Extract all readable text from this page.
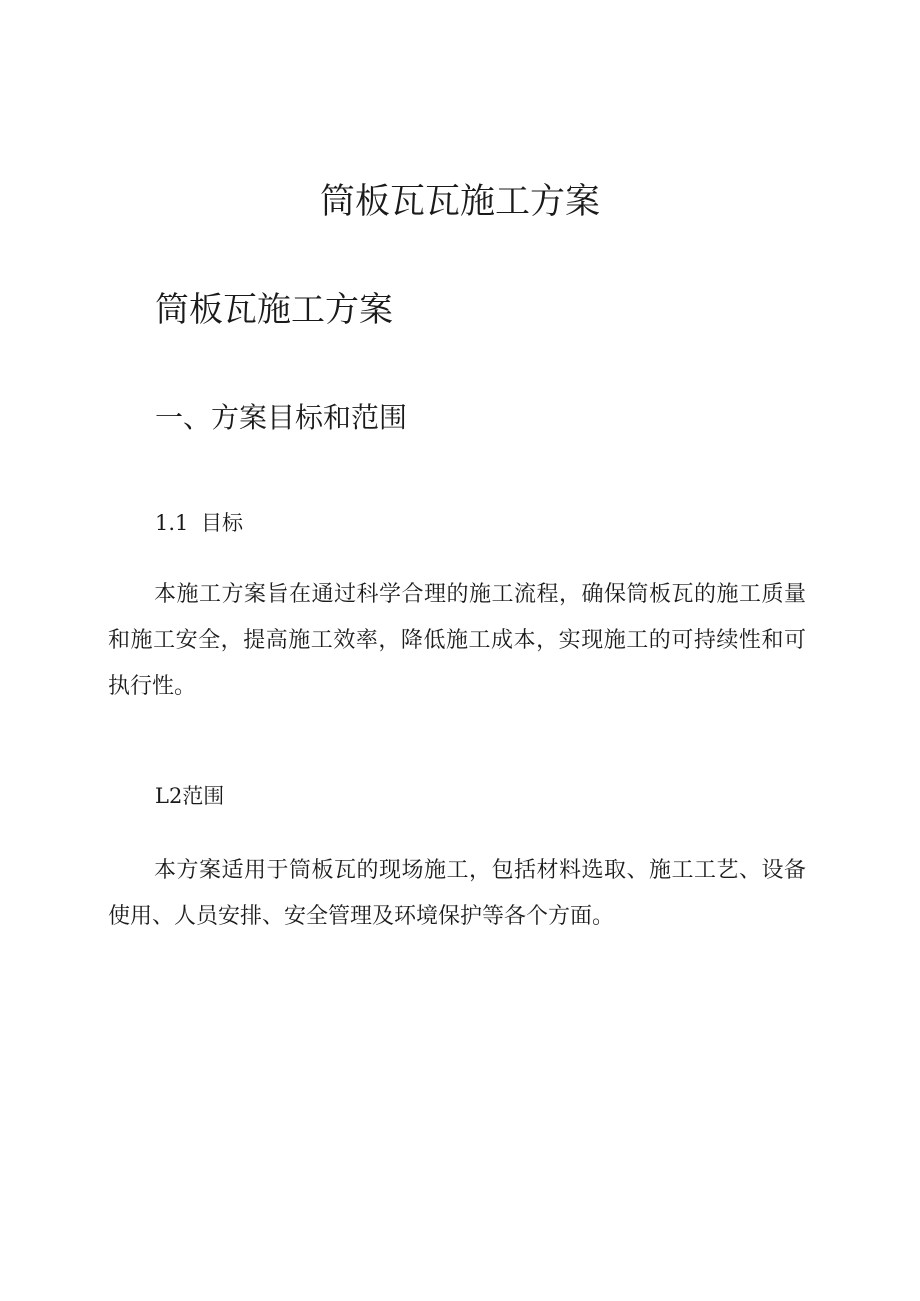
筒板瓦瓦施工方案
筒板瓦施工方案
一、方案目标和范围
1.1 目标

本施工方案旨在通过科学合理的施工流程，确保筒板瓦的施工质量和施工安全，提高施工效率，降低施工成本，实现施工的可持续性和可执行性。

L2范围

本方案适用于筒板瓦的现场施工，包括材料选取、施工工艺、设备使用、人员安排、安全管理及环境保护等各个方面。
